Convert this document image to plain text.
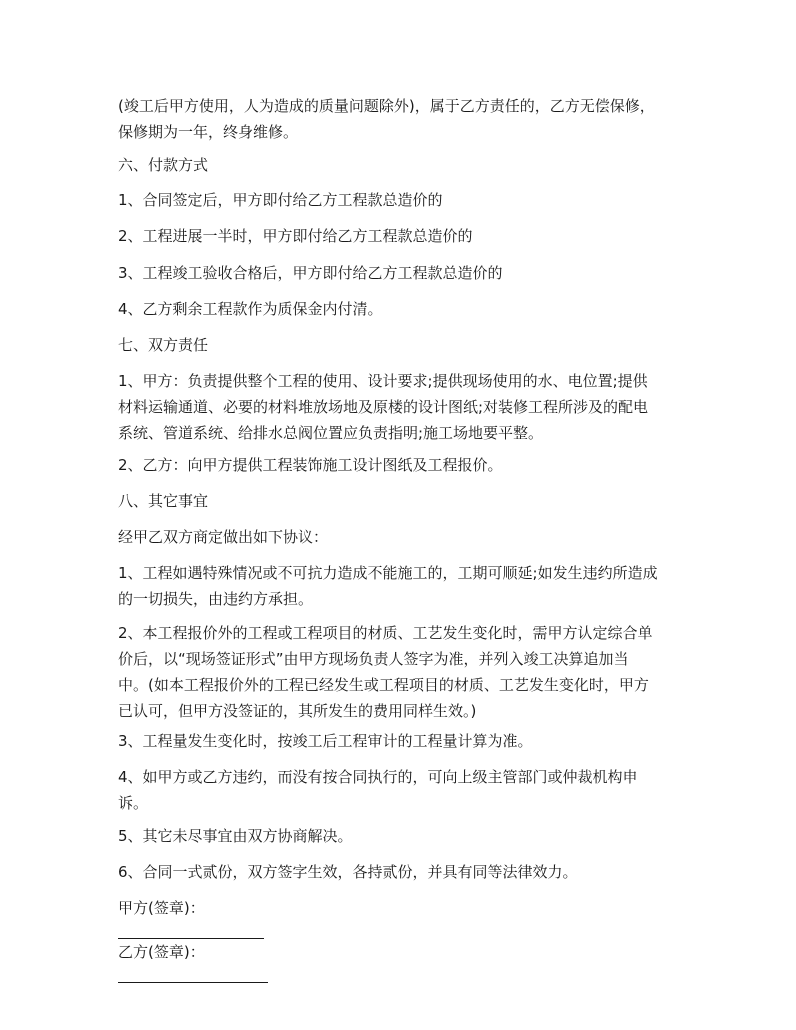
(竣工后甲方使用，人为造成的质量问题除外)，属于乙方责任的，乙方无偿保修，
保修期为一年，终身维修。

六、付款方式

1、合同签定后，甲方即付给乙方工程款总造价的

2、工程进展一半时，甲方即付给乙方工程款总造价的

3、工程竣工验收合格后，甲方即付给乙方工程款总造价的

4、乙方剩余工程款作为质保金内付清。

七、双方责任

1、甲方：负责提供整个工程的使用、设计要求;提供现场使用的水、电位置;提供
材料运输通道、必要的材料堆放场地及原楼的设计图纸;对装修工程所涉及的配电
系统、管道系统、给排水总阀位置应负责指明;施工场地要平整。

2、乙方：向甲方提供工程装饰施工设计图纸及工程报价。

八、其它事宜

经甲乙双方商定做出如下协议：

1、工程如遇特殊情况或不可抗力造成不能施工的，工期可顺延;如发生违约所造成
的一切损失，由违约方承担。

2、本工程报价外的工程或工程项目的材质、工艺发生变化时，需甲方认定综合单
价后，以“现场签证形式”由甲方现场负责人签字为准，并列入竣工决算追加当
中。(如本工程报价外的工程已经发生或工程项目的材质、工艺发生变化时，甲方
已认可，但甲方没签证的，其所发生的费用同样生效。)

3、工程量发生变化时，按竣工后工程审计的工程量计算为准。

4、如甲方或乙方违约，而没有按合同执行的，可向上级主管部门或仲裁机构申
诉。

5、其它未尽事宜由双方协商解决。

6、合同一式贰份，双方签字生效，各持贰份，并具有同等法律效力。

甲方(签章)：
乙方(签章)：
